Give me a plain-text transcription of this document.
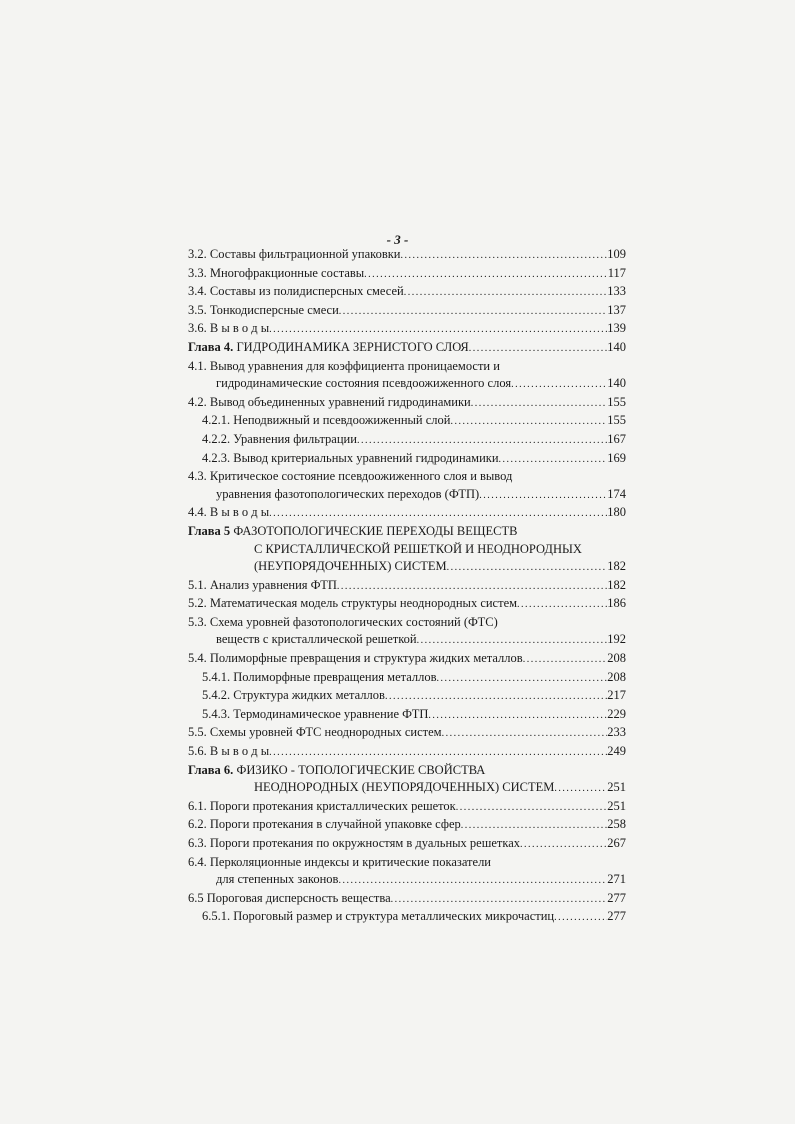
- 3 -
3.2. Составы фильтрационной упаковки . . .	109
3.3. Многофракционные составы . . .	117
3.4. Составы из полидисперсных смесей . . .	133
3.5. Тонкодисперсные смеси . . .	137
3.6. В ы в о д ы . . .	139
Глава 4. ГИДРОДИНАМИКА ЗЕРНИСТОГО СЛОЯ . . .	140
4.1. Вывод уравнения для коэффициента проницаемости и
гидродинамические состояния псевдоожиженного слоя . . .	140
4.2. Вывод объединенных уравнений гидродинамики . . .	155
4.2.1. Неподвижный и псевдоожиженный слой . . .	155
4.2.2. Уравнения фильтрации . . .	167
4.2.3. Вывод критериальных уравнений гидродинамики . . .	169
4.3. Критическое состояние псевдоожиженного слоя и вывод
уравнения фазотопологических переходов (ФТП) . . .	174
4.4. В ы в о д ы . . .	180
Глава 5 ФАЗОТОПОЛОГИЧЕСКИЕ ПЕРЕХОДЫ ВЕЩЕСТВ
С КРИСТАЛЛИЧЕСКОЙ РЕШЕТКОЙ И НЕОДНОРОДНЫХ
(НЕУПОРЯДОЧЕННЫХ) СИСТЕМ . . .	182
5.1. Анализ уравнения ФТП . . .	182
5.2. Математическая модель структуры неоднородных систем . . .	186
5.3. Схема уровней фазотопологических состояний (ФТС)
веществ с кристаллической решеткой . . .	192
5.4. Полиморфные превращения и структура жидких металлов . . .	208
5.4.1. Полиморфные превращения металлов . . .	208
5.4.2. Структура жидких металлов . . .	217
5.4.3. Термодинамическое уравнение ФТП . . .	229
5.5. Схемы уровней ФТС неоднородных систем . . .	233
5.6. В ы в о д ы . . .	249
Глава 6. ФИЗИКО - ТОПОЛОГИЧЕСКИЕ СВОЙСТВА
НЕОДНОРОДНЫХ (НЕУПОРЯДОЧЕННЫХ) СИСТЕМ . . .	251
6.1. Пороги протекания кристаллических решеток . . .	251
6.2. Пороги протекания в случайной упаковке сфер . . .	258
6.3. Пороги протекания по окружностям в дуальных решетках . . .	267
6.4. Перколяционные индексы и критические показатели
для степенных законов . . .	271
6.5 Пороговая дисперсность вещества . . .	277
6.5.1. Пороговый размер и структура металлических микрочастиц . . .	277
